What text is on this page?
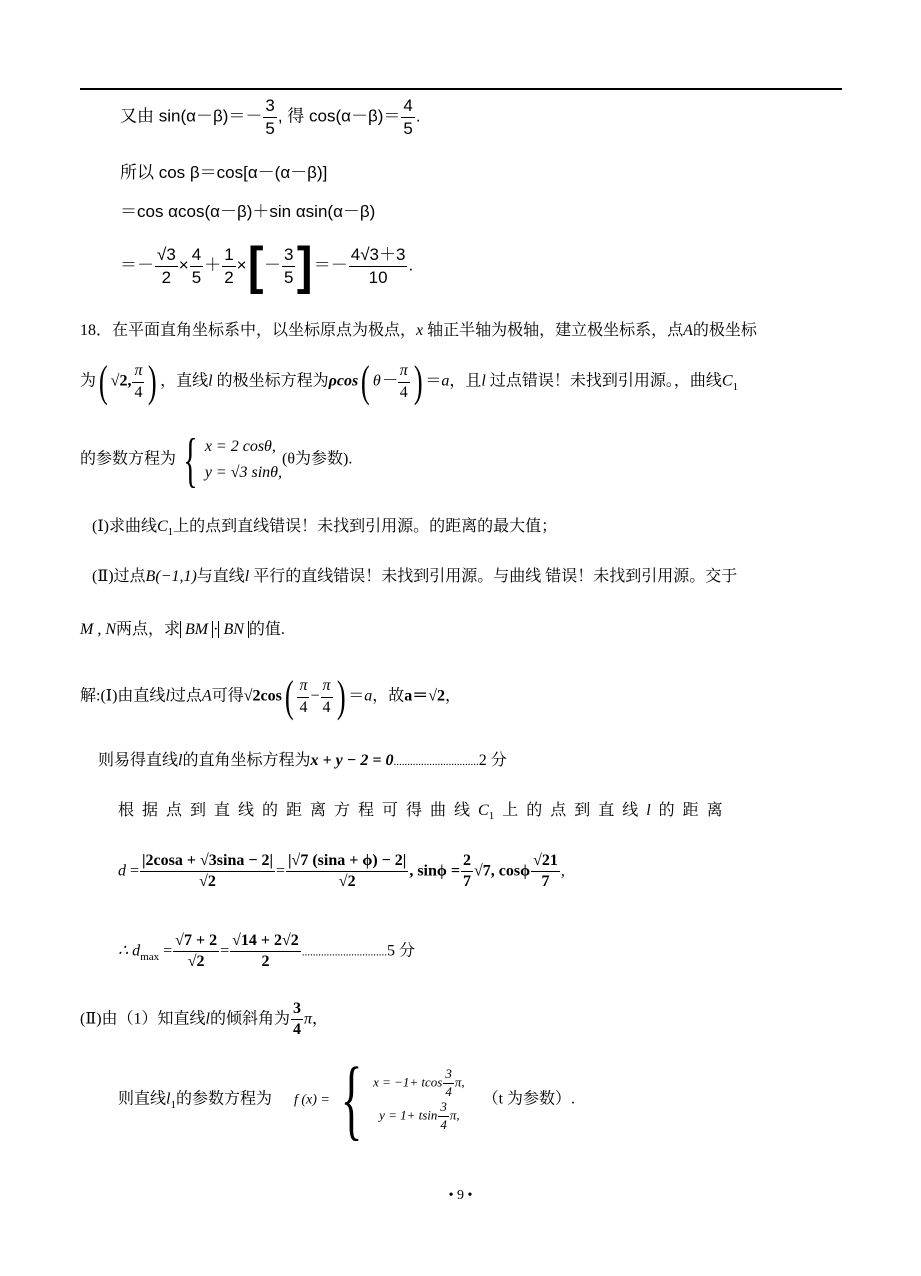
又由 $\sin(\alpha-\beta)=- \frac{3}{5}$ , 得 $\cos(\alpha-\beta)= \frac{4}{5}$ .
所以 cos β＝cos[α－(α－β)]
＝cos αcos(α－β)＋sin αsin(α－β)
＝－ $\frac{√3}{2} \times \frac{4}{5} + \frac{1}{2}$ ×[－ $\frac{3}{5}$ ]＝－ $\frac{4√3+3}{10}$ .
18．在平面直角坐标系中，以坐标原点为极点，x 轴正半轴为极轴，建立极坐标系，点A的极坐标
为( √2, $\frac{\pi}{4}$ ) ，直线l 的极坐标方程为ρcos( $\theta- \frac{\pi}{4}$ ) ＝a，且l 过点错误！未找到引用源。，曲线$C_1$
的参数方程为 { x = 2 cosθ,
y = √3 sinθ,
(θ为参数).
(Ⅰ)求曲线$C_1$上的点到直线错误！未找到引用源。的距离的最大值；
(Ⅱ)过点B(−1,1)与直线l 平行的直线错误！未找到引用源。与曲线 错误！未找到引用源。交于
M , N两点，求 BM · BN 的值.
解:(Ⅰ)由直线l过点A可得$√2\cos( \frac{\pi}{4} - \frac{\pi}{4}$ ) ＝a，故a＝√2，
则易得直线l的直角坐标方程为x + y − 2 = 0...............................2 分
根 据 点 到 直 线 的 距 离 方 程 可 得 曲 线 $C_1$ 上 的 点 到 直 线 l 的 距 离
$d = \frac{|2\cos a + √3\sin a - 2|}{√2} = \frac{|√7 (\sin a + \phi) - 2|}{√2}$ , $\sin\phi = \frac{2}{7} √7$, cosϕ $\frac{√21}{7}$ ,
∴ $d_{max} = \frac{√7 + 2}{√2} = \frac{√14 + 2√2}{2} ...............................5$ 分
(Ⅱ)由（1）知直线l的倾斜角为 $\frac{3}{4}$ π，
则直线$l_1$的参数方程为 f (x) = { x = −1+ tcos $\frac{3}{4} \pi$,
y = 1+ tsin $\frac{3}{4} \pi$,
（t 为参数）.
• 9 •
